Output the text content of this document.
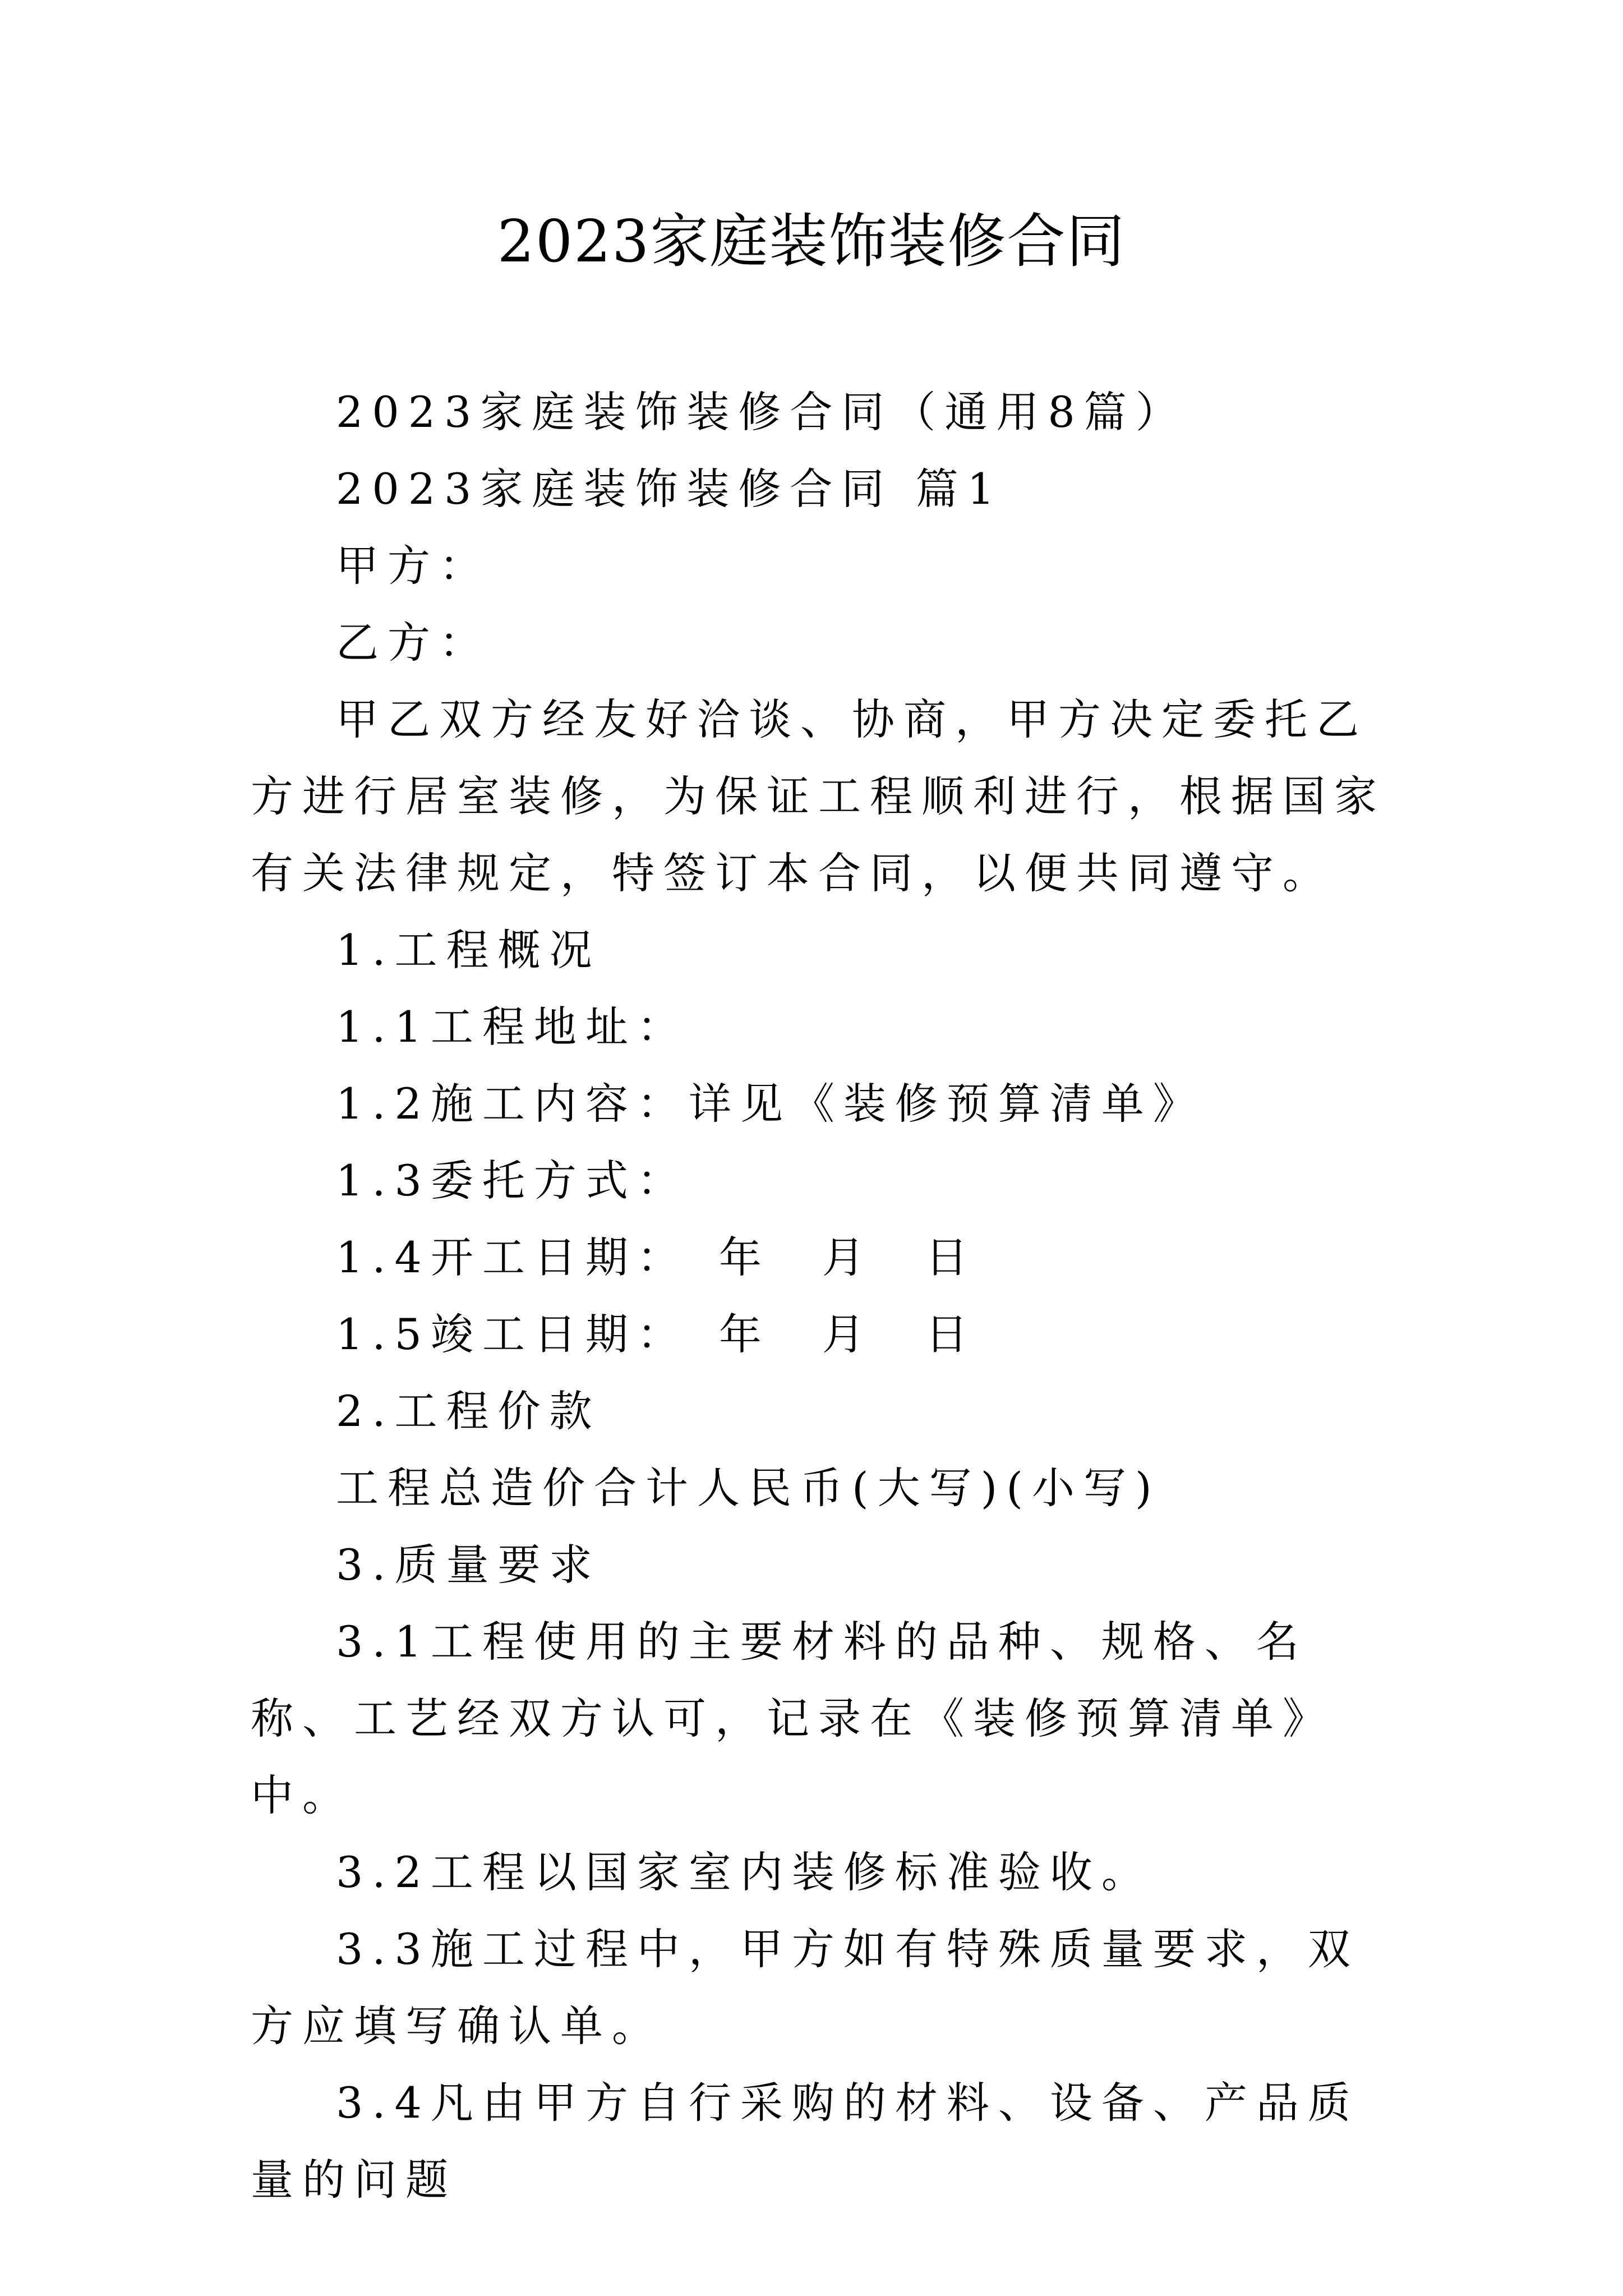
2023家庭装饰装修合同

2023家庭装饰装修合同（通用8篇）

2023家庭装饰装修合同 篇1

甲方：

乙方：

甲乙双方经友好洽谈、协商，甲方决定委托乙方进行居室装修，为保证工程顺利进行，根据国家有关法律规定，特签订本合同，以便共同遵守。

1.工程概况

1.1工程地址：

1.2施工内容：详见《装修预算清单》

1.3委托方式：

1.4开工日期：　年　月　日

1.5竣工日期：　年　月　日

2.工程价款

工程总造价合计人民币(大写)(小写)

3.质量要求

3.1工程使用的主要材料的品种、规格、名称、工艺经双方认可，记录在《装修预算清单》中。

3.2工程以国家室内装修标准验收。

3.3施工过程中，甲方如有特殊质量要求，双方应填写确认单。

3.4凡由甲方自行采购的材料、设备、产品质量的问题
